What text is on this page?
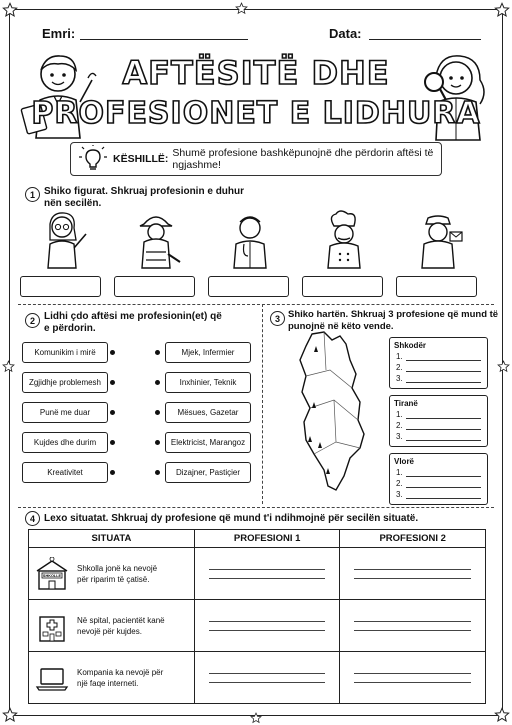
Emri:	Data:
AFTËSITË DHE
PROFESIONET E LIDHURA
KËSHILLË: Shumë profesione bashkëpunojnë dhe përdorin aftësi të ngjashme!
1 Shiko figurat. Shkruaj profesionin e duhur
nën secilën.
2 Lidhi çdo aftësi me profesionin(et) që
e përdorin.
Komunikim i mirë
Zgjidhje problemesh
Punë me duar
Kujdes dhe durim
Kreativitet
Mjek, Infermier
Inxhinier, Teknik
Mësues, Gazetar
Elektricist, Marangoz
Dizajner, Pastiçier
3 Shiko hartën. Shkruaj 3 profesione që mund të
punojnë në këto vende.
Shkodër
1.
2.
3.
Tiranë
1.
2.
3.
Vlorë
1.
2.
3.
4 Lexo situatat. Shkruaj dy profesione që mund t'i ndihmojnë për secilën situatë.
SITUATA	PROFESIONI 1	PROFESIONI 2

SHKOLLE
Shkolla jonë ka nevojë
për riparim të çatisë.		

Në spital, pacientët kanë
nevojë për kujdes.		

Kompania ka nevojë për
një faqe interneti.		
